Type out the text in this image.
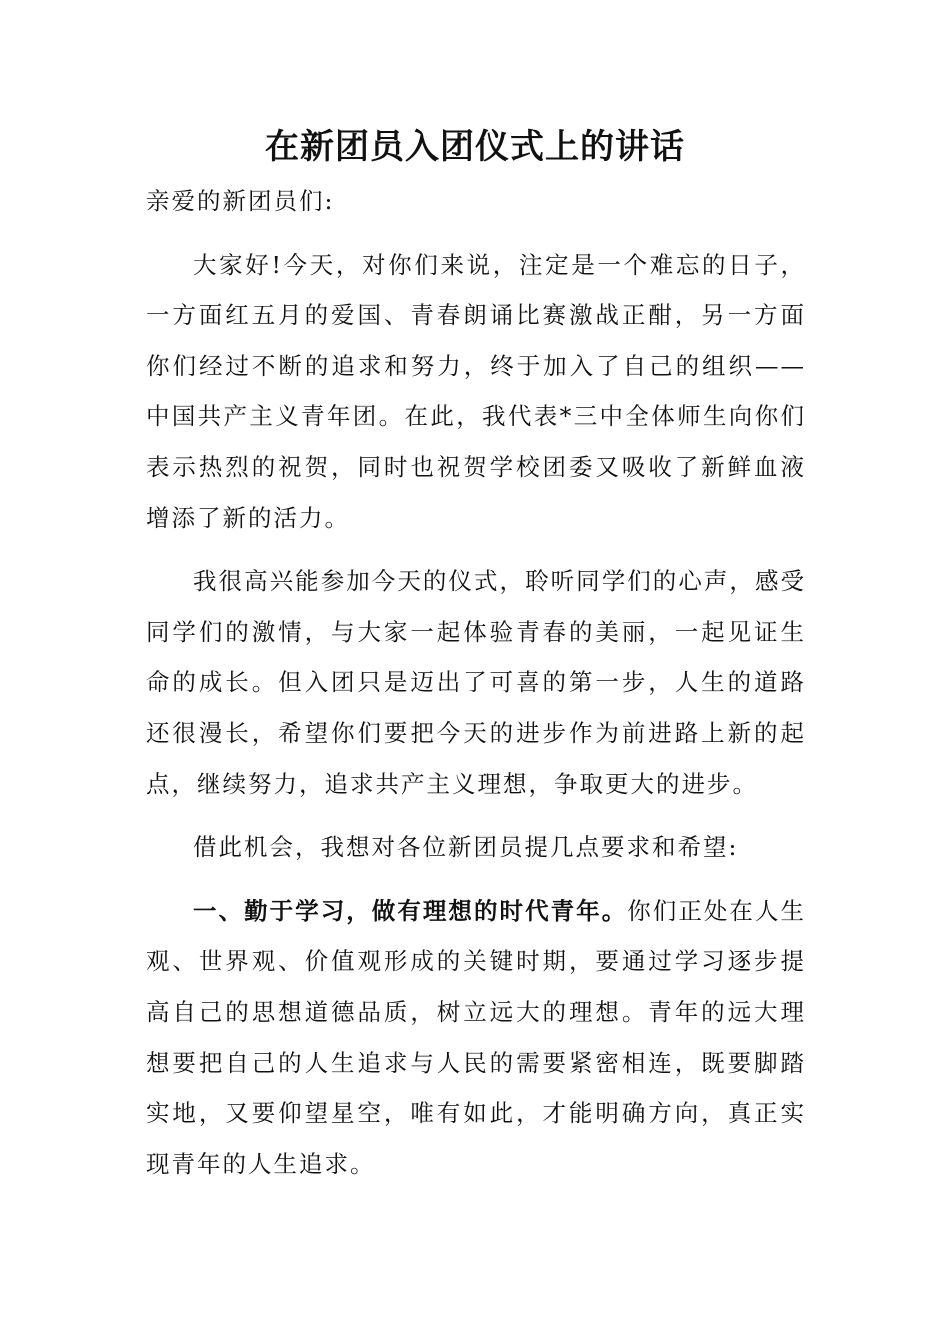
在新团员入团仪式上的讲话

亲爱的新团员们:

大家好!今天，对你们来说，注定是一个难忘的日子，一方面红五月的爱国、青春朗诵比赛激战正酣，另一方面你们经过不断的追求和努力，终于加入了自己的组织——中国共产主义青年团。在此，我代表*三中全体师生向你们表示热烈的祝贺，同时也祝贺学校团委又吸收了新鲜血液增添了新的活力。

我很高兴能参加今天的仪式，聆听同学们的心声，感受同学们的激情，与大家一起体验青春的美丽，一起见证生命的成长。但入团只是迈出了可喜的第一步，人生的道路还很漫长，希望你们要把今天的进步作为前进路上新的起点，继续努力，追求共产主义理想，争取更大的进步。

借此机会，我想对各位新团员提几点要求和希望:

一、勤于学习，做有理想的时代青年。你们正处在人生观、世界观、价值观形成的关键时期，要通过学习逐步提高自己的思想道德品质，树立远大的理想。青年的远大理想要把自己的人生追求与人民的需要紧密相连，既要脚踏实地，又要仰望星空，唯有如此，才能明确方向，真正实现青年的人生追求。
